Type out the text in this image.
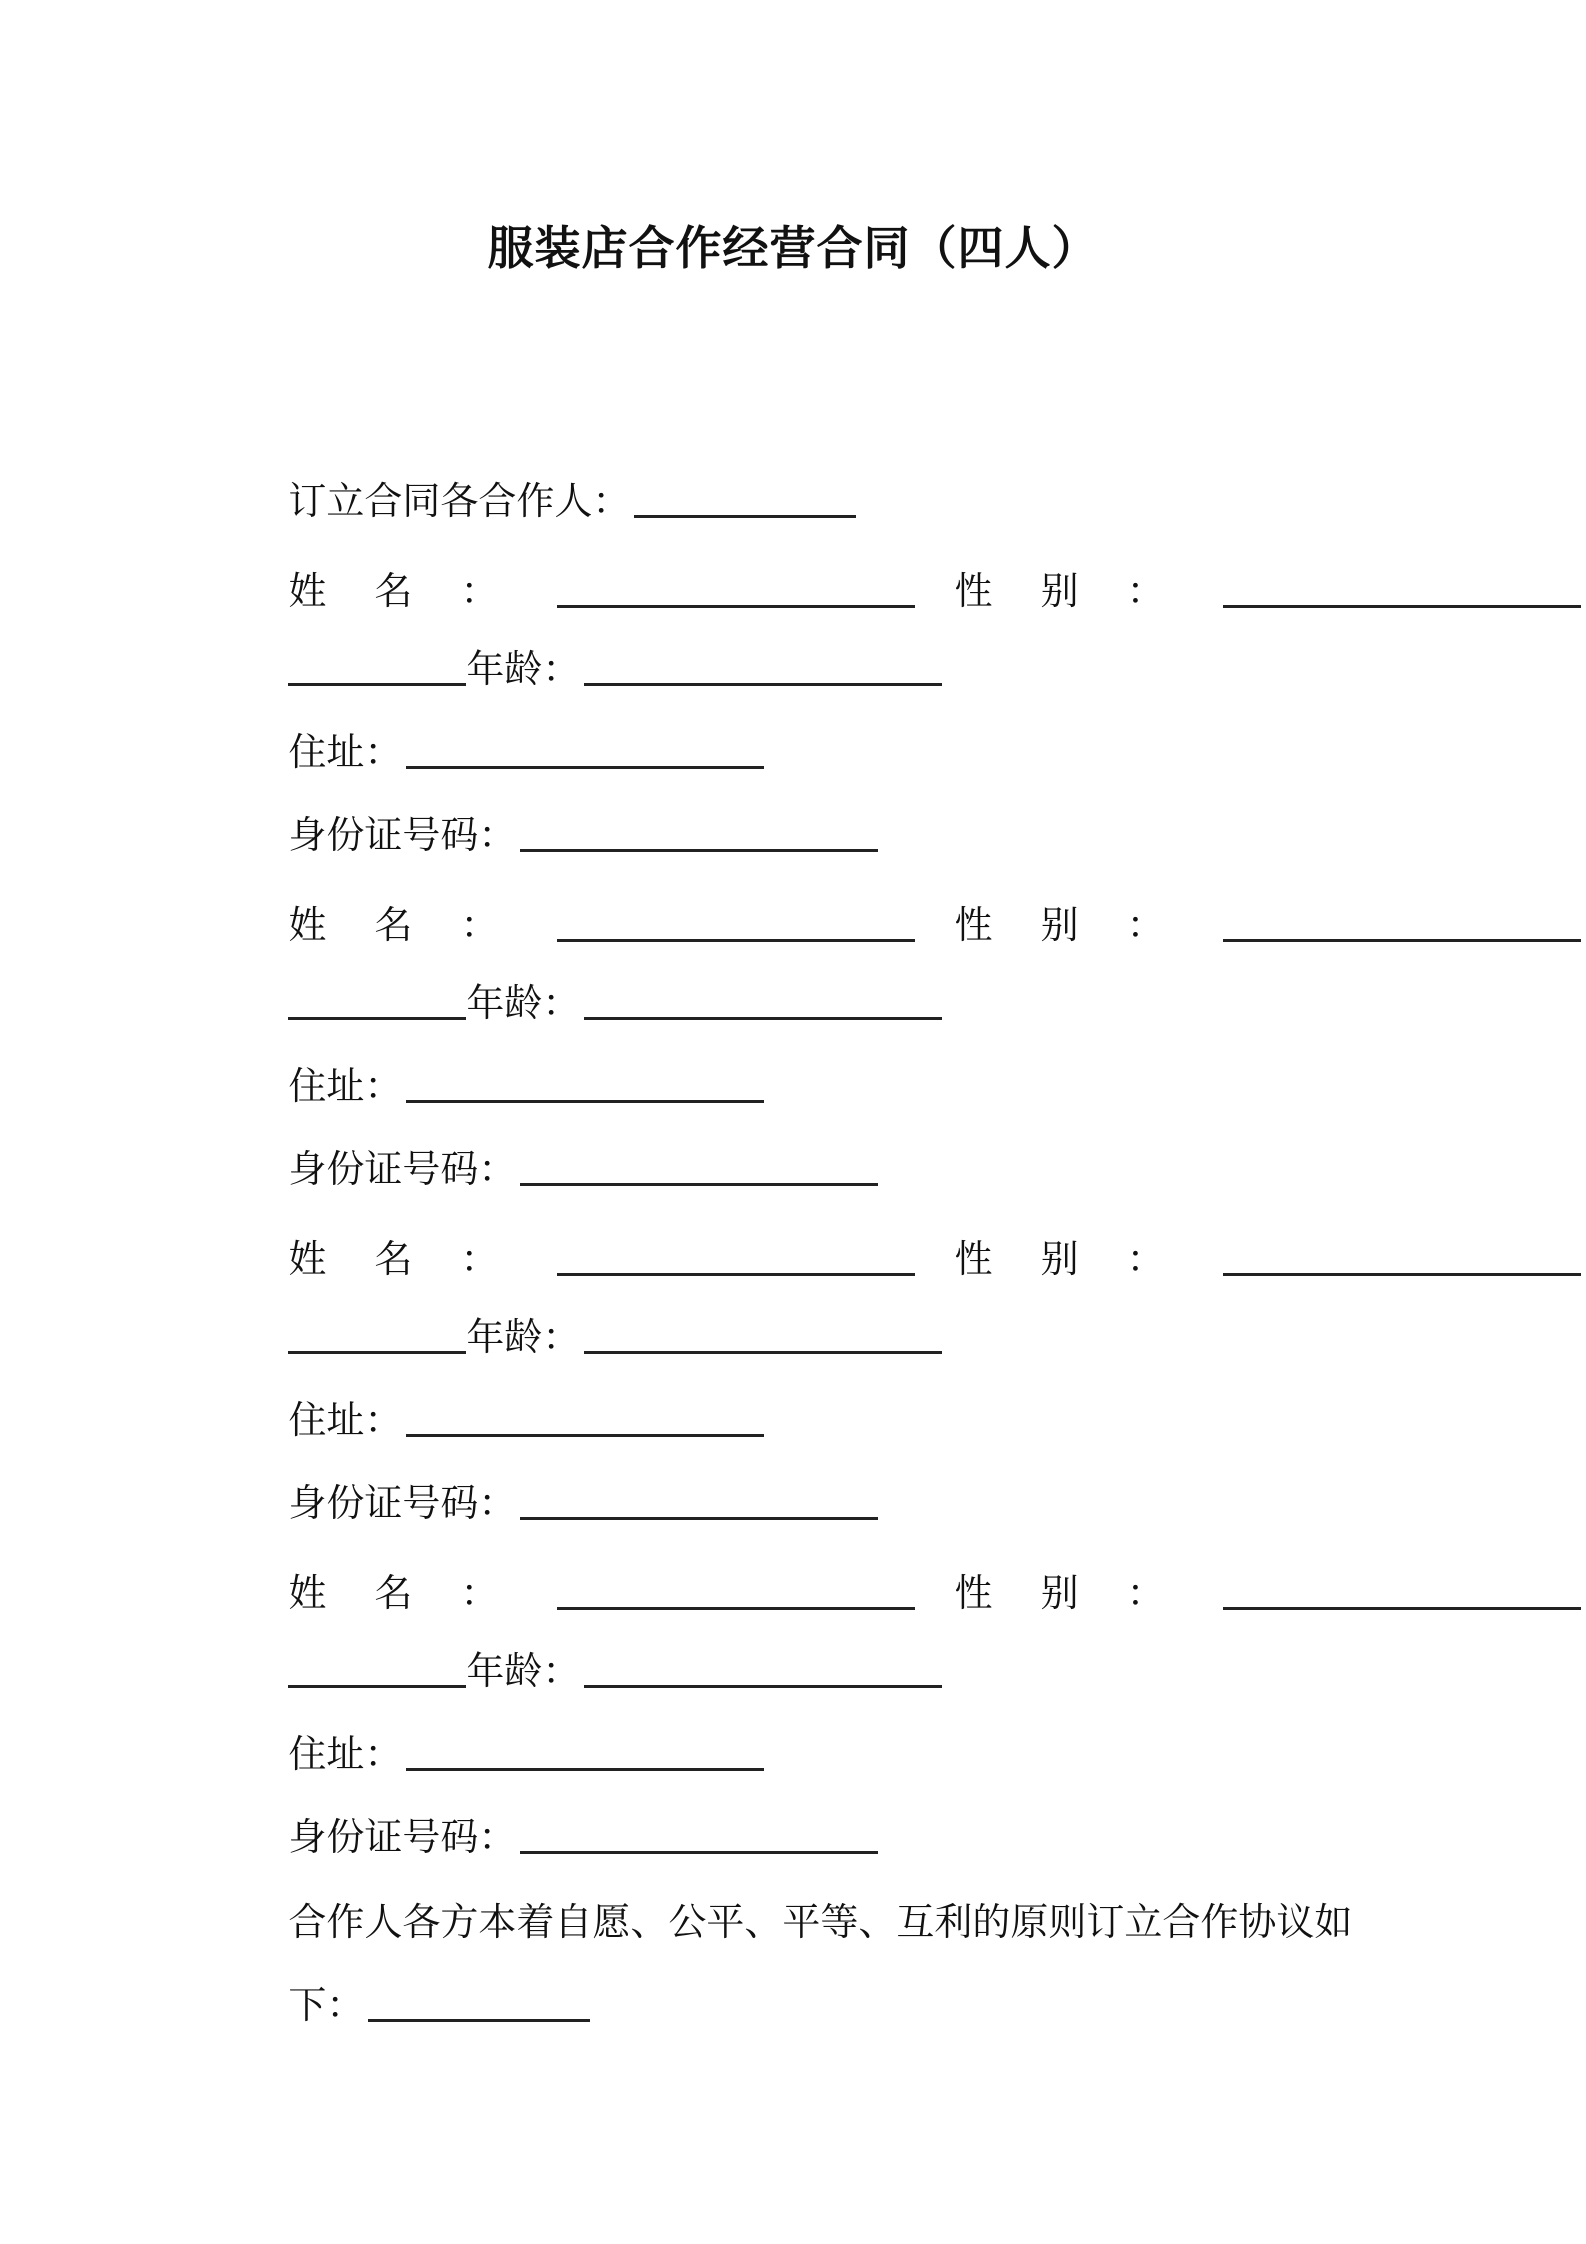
服装店合作经营合同（四人）

订立合同各合作人：

姓 名 ：	性 别 ：

年龄：

住址：

身份证号码：

姓 名 ：	性 别 ：

年龄：

住址：

身份证号码：

姓 名 ：	性 别 ：

年龄：

住址：

身份证号码：

姓 名 ：	性 别 ：

年龄：

住址：

身份证号码：

合作人各方本着自愿、公平、平等、互利的原则订立合作协议如

下：
